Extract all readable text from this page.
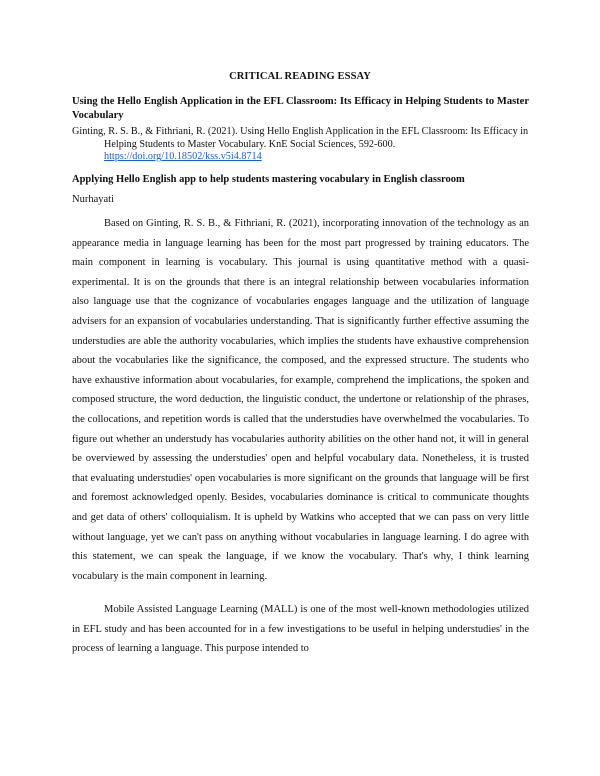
CRITICAL READING ESSAY
Using the Hello English Application in the EFL Classroom: Its Efficacy in Helping Students to Master Vocabulary
Ginting, R. S. B., & Fithriani, R. (2021). Using Hello English Application in the EFL Classroom: Its Efficacy in Helping Students to Master Vocabulary. KnE Social Sciences, 592-600. https://doi.org/10.18502/kss.v5i4.8714
Applying Hello English app to help students mastering vocabulary in English classroom
Nurhayati

Based on Ginting, R. S. B., & Fithriani, R. (2021), incorporating innovation of the technology as an appearance media in language learning has been for the most part progressed by training educators. The main component in learning is vocabulary. This journal is using quantitative method with a quasi-experimental. It is on the grounds that there is an integral relationship between vocabularies information also language use that the cognizance of vocabularies engages language and the utilization of language advisers for an expansion of vocabularies understanding. That is significantly further effective assuming the understudies are able the authority vocabularies, which implies the students have exhaustive comprehension about the vocabularies like the significance, the composed, and the expressed structure. The students who have exhaustive information about vocabularies, for example, comprehend the implications, the spoken and composed structure, the word deduction, the linguistic conduct, the undertone or relationship of the phrases, the collocations, and repetition words is called that the understudies have overwhelmed the vocabularies. To figure out whether an understudy has vocabularies authority abilities on the other hand not, it will in general be overviewed by assessing the understudies' open and helpful vocabulary data. Nonetheless, it is trusted that evaluating understudies' open vocabularies is more significant on the grounds that language will be first and foremost acknowledged openly. Besides, vocabularies dominance is critical to communicate thoughts and get data of others' colloquialism. It is upheld by Watkins who accepted that we can pass on very little without language, yet we can't pass on anything without vocabularies in language learning. I do agree with this statement, we can speak the language, if we know the vocabulary. That's why, I think learning vocabulary is the main component in learning.

Mobile Assisted Language Learning (MALL) is one of the most well-known methodologies utilized in EFL study and has been accounted for in a few investigations to be useful in helping understudies' in the process of learning a language. This purpose intended to
